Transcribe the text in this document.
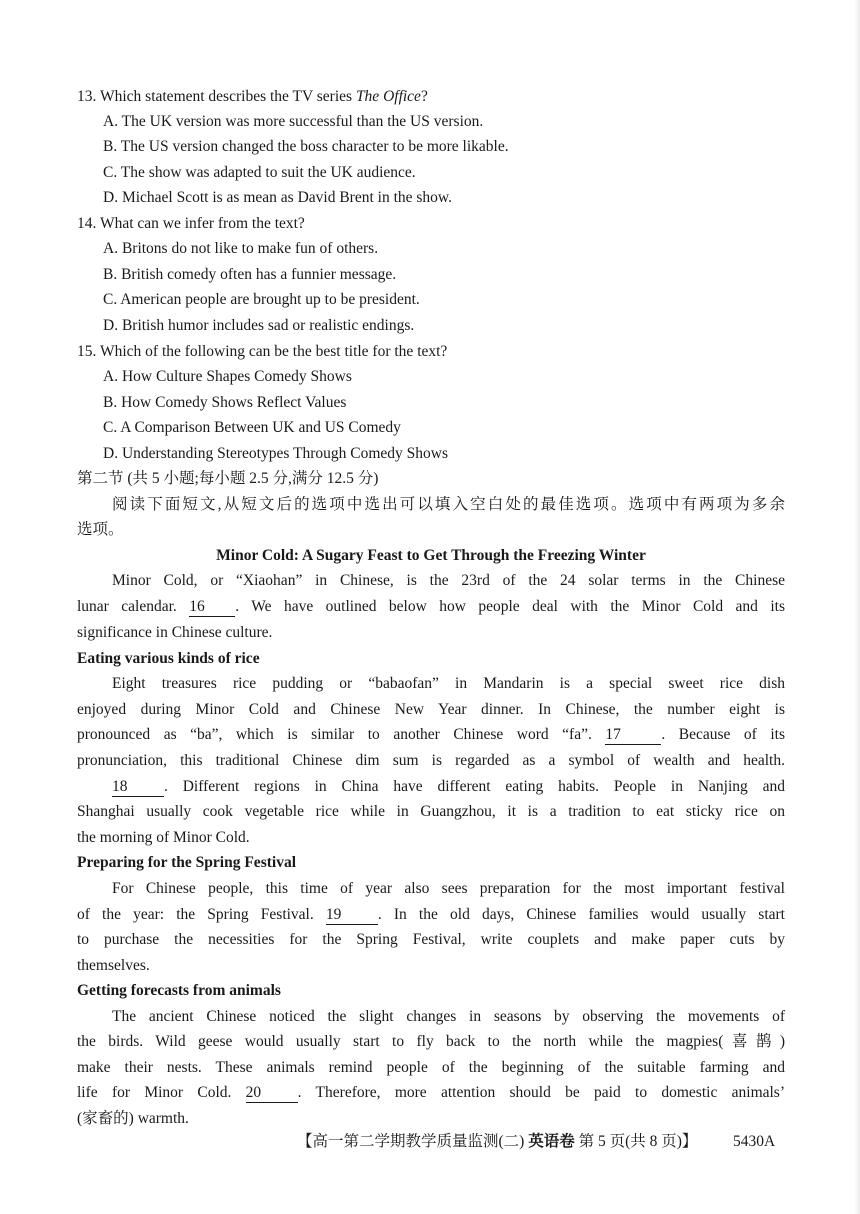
13. Which statement describes the TV series The Office?
A. The UK version was more successful than the US version.
B. The US version changed the boss character to be more likable.
C. The show was adapted to suit the UK audience.
D. Michael Scott is as mean as David Brent in the show.
14. What can we infer from the text?
A. Britons do not like to make fun of others.
B. British comedy often has a funnier message.
C. American people are brought up to be president.
D. British humor includes sad or realistic endings.
15. Which of the following can be the best title for the text?
A. How Culture Shapes Comedy Shows
B. How Comedy Shows Reflect Values
C. A Comparison Between UK and US Comedy
D. Understanding Stereotypes Through Comedy Shows
第二节 (共 5 小题;每小题 2.5 分,满分 12.5 分)
阅读下面短文,从短文后的选项中选出可以填入空白处的最佳选项。选项中有两项为多余
选项。
Minor Cold: A Sugary Feast to Get Through the Freezing Winter
Minor Cold, or “Xiaohan” in Chinese, is the 23rd of the 24 solar terms in the Chinese
lunar calendar. 16 . We have outlined below how people deal with the Minor Cold and its
significance in Chinese culture.
Eating various kinds of rice
Eight treasures rice pudding or “babaofan” in Mandarin is a special sweet rice dish
enjoyed during Minor Cold and Chinese New Year dinner. In Chinese, the number eight is
pronounced as “ba”, which is similar to another Chinese word “fa”. 17	. Because of its
pronunciation, this traditional Chinese dim sum is regarded as a symbol of wealth and health.
18 . Different regions in China have different eating habits. People in Nanjing and
Shanghai usually cook vegetable rice while in Guangzhou, it is a tradition to eat sticky rice on
the morning of Minor Cold.
Preparing for the Spring Festival
For Chinese people, this time of year also sees preparation for the most important festival
of the year: the Spring Festival. 19 . In the old days, Chinese families would usually start
to purchase the necessities for the Spring Festival, write couplets and make paper cuts by
themselves.
Getting forecasts from animals
The ancient Chinese noticed the slight changes in seasons by observing the movements of
the birds. Wild geese would usually start to fly back to the north while the magpies(喜鹊)
make their nests. These animals remind people of the beginning of the suitable farming and
life for Minor Cold. 20 . Therefore, more attention should be paid to domestic animals’
(家畜的) warmth.
【高一第二学期教学质量监测(二) 英语卷 第 5 页(共 8 页)】 5430A
